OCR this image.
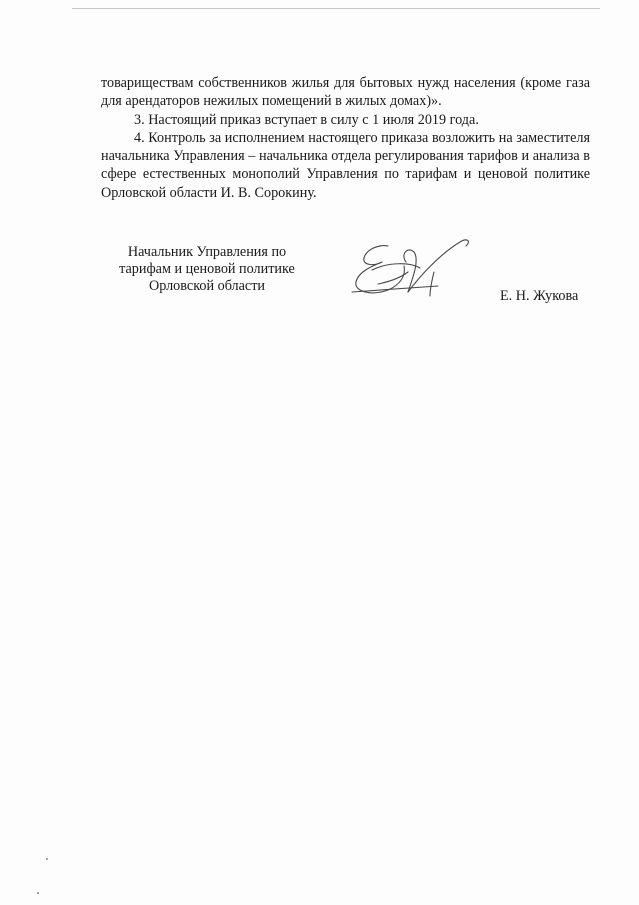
товариществам собственников жилья для бытовых нужд населения (кроме газа для арендаторов нежилых помещений в жилых домах)».

3. Настоящий приказ вступает в силу с 1 июля 2019 года.

4. Контроль за исполнением настоящего приказа возложить на заместителя начальника Управления – начальника отдела регулирования тарифов и анализа в сфере естественных монополий Управления по тарифам и ценовой политике Орловской области И. В. Сорокину.

Начальник Управления по
тарифам и ценовой политике
Орловской области
Е. Н. Жукова
